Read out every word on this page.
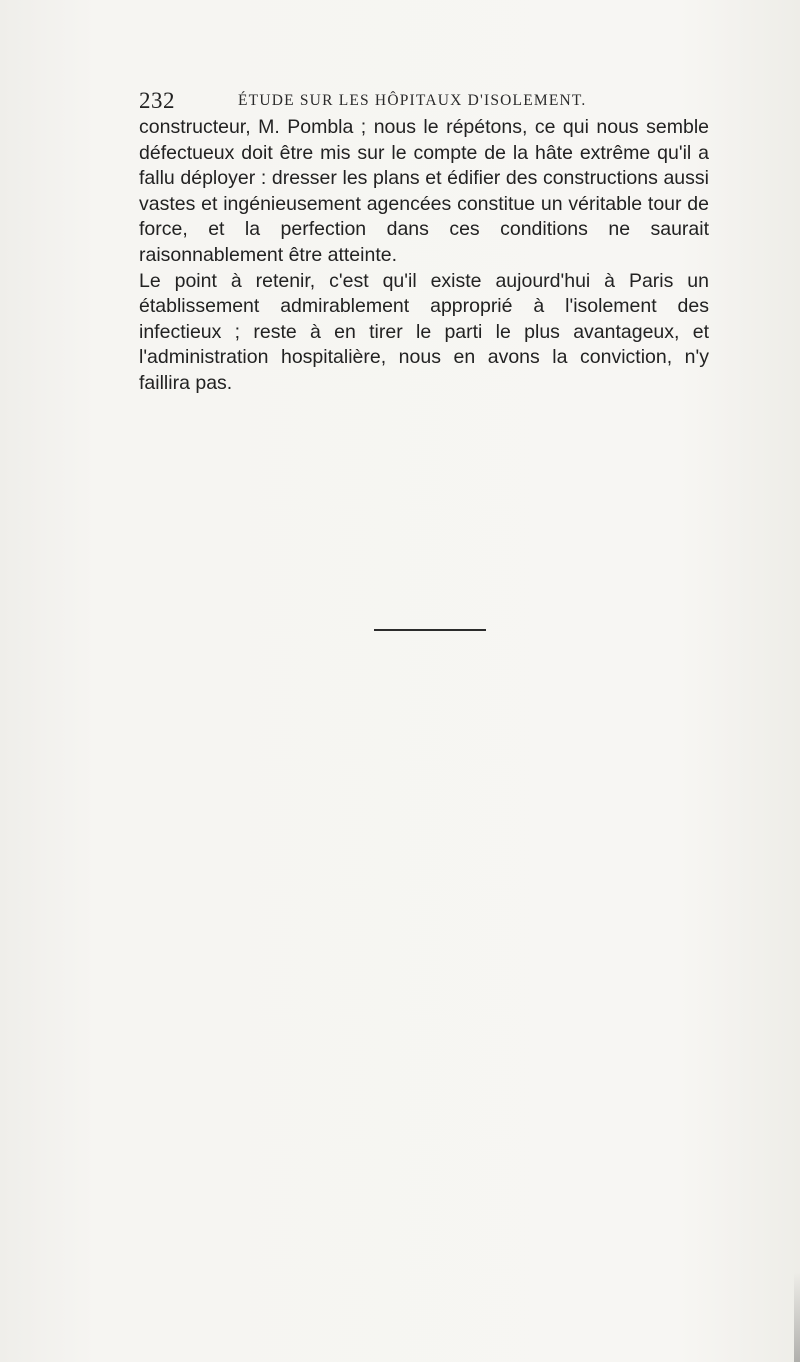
232	ÉTUDE SUR LES HÔPITAUX D'ISOLEMENT.

constructeur, M. Pombla ; nous le répétons, ce qui nous semble défectueux doit être mis sur le compte de la hâte extrême qu'il a fallu déployer : dresser les plans et édifier des constructions aussi vastes et ingénieusement agencées constitue un véritable tour de force, et la perfection dans ces conditions ne saurait raisonnablement être atteinte.

Le point à retenir, c'est qu'il existe aujourd'hui à Paris un établissement admirablement approprié à l'isolement des infectieux ; reste à en tirer le parti le plus avantageux, et l'administration hospitalière, nous en avons la conviction, n'y faillira pas.
